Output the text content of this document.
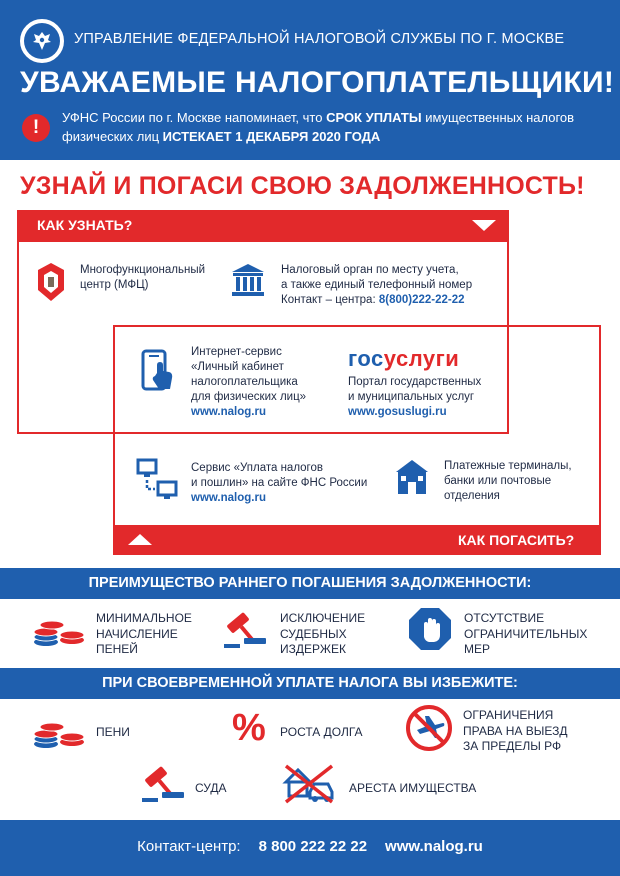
УПРАВЛЕНИЕ ФЕДЕРАЛЬНОЙ НАЛОГОВОЙ СЛУЖБЫ ПО Г. МОСКВЕ
УВАЖАЕМЫЕ НАЛОГОПЛАТЕЛЬЩИКИ!
!	УФНС России по г. Москве напоминает, что СРОК УПЛАТЫ имущественных налогов физических лиц ИСТЕКАЕТ 1 ДЕКАБРЯ 2020 ГОДА
УЗНАЙ И ПОГАСИ СВОЮ ЗАДОЛЖЕННОСТЬ!
КАК УЗНАТЬ?
КАК ПОГАСИТЬ?
Многофункциональный
центр (МФЦ)
Налоговый орган по месту учета,
а также единый телефонный номер
Контакт – центра: 8(800)222-22-22
Интернет-сервис
«Личный кабинет
налогоплательщика
для физических лиц»
www.nalog.ru
госуслуги
Портал государственных
и муниципальных услуг
www.gosuslugi.ru
Сервис «Уплата налогов
и пошлин» на сайте ФНС России
www.nalog.ru
Платежные терминалы,
банки или почтовые
отделения
ПРЕИМУЩЕСТВО РАННЕГО ПОГАШЕНИЯ ЗАДОЛЖЕННОСТИ:
МИНИМАЛЬНОЕ
НАЧИСЛЕНИЕ
ПЕНЕЙ
ИСКЛЮЧЕНИЕ
СУДЕБНЫХ
ИЗДЕРЖЕК
ОТСУТСТВИЕ
ОГРАНИЧИТЕЛЬНЫХ
МЕР
ПРИ СВОЕВРЕМЕННОЙ УПЛАТЕ НАЛОГА ВЫ ИЗБЕЖИТЕ:
ПЕНИ	% РОСТА ДОЛГА
ОГРАНИЧЕНИЯ
ПРАВА НА ВЫЕЗД
ЗА ПРЕДЕЛЫ РФ
СУДА	АРЕСТА ИМУЩЕСТВА
Контакт-центр: 8 800 222 22 22 www.nalog.ru
